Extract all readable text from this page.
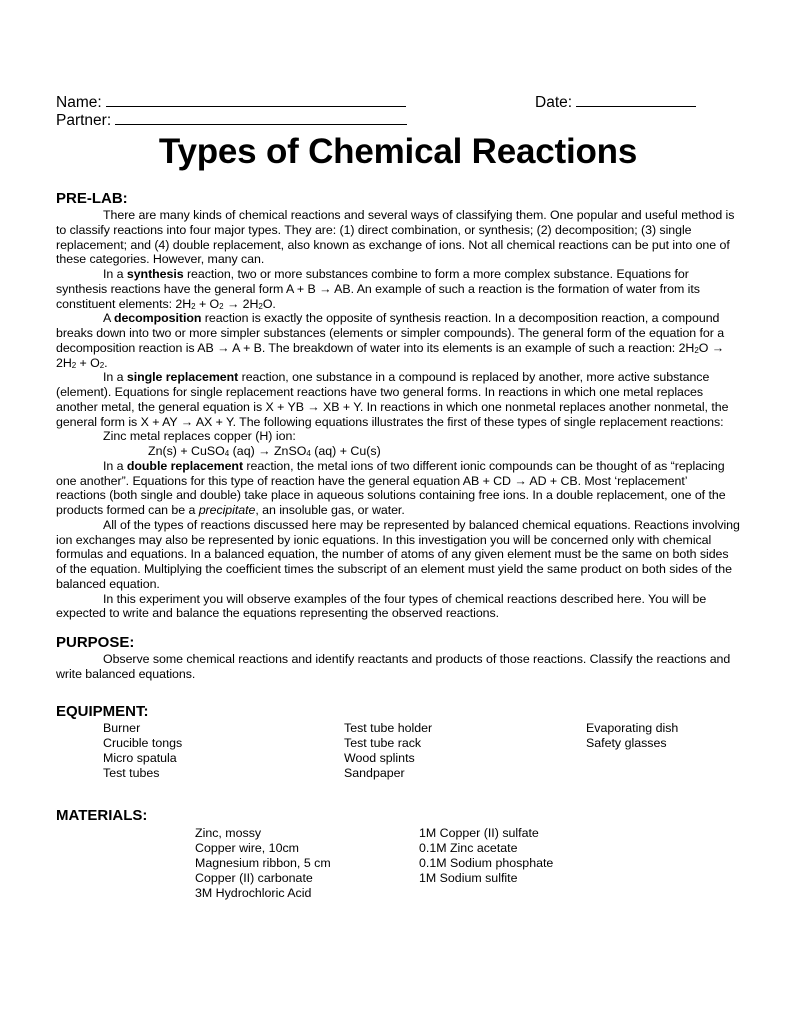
Name:	Date:
Partner:
Types of Chemical Reactions
PRE-LAB:

There are many kinds of chemical reactions and several ways of classifying them. One popular and useful method is to classify reactions into four major types. They are: (1) direct combination, or synthesis; (2) decomposition; (3) single replacement; and (4) double replacement, also known as exchange of ions. Not all chemical reactions can be put into one of these categories. However, many can.

In a synthesis reaction, two or more substances combine to form a more complex substance. Equations for synthesis reactions have the general form A + B → AB. An example of such a reaction is the formation of water from its constituent elements: $2H_2 + O_2 \to 2H_2O$.

A decomposition reaction is exactly the opposite of synthesis reaction. In a decomposition reaction, a compound breaks down into two or more simpler substances (elements or simpler compounds). The general form of the equation for a decomposition reaction is AB → A + B. The breakdown of water into its elements is an example of such a reaction: $2H_2O \to 2H_2 + O_2$.

In a single replacement reaction, one substance in a compound is replaced by another, more active substance (element). Equations for single replacement reactions have two general forms. In reactions in which one metal replaces another metal, the general equation is X + YB → XB + Y. In reactions in which one nonmetal replaces another nonmetal, the general form is X + AY → AX + Y. The following equations illustrates the first of these types of single replacement reactions:

Zinc metal replaces copper (H) ion:

Zn(s) + CuSO$_4$ (aq) → ZnSO$_4$ (aq) + Cu(s)

In a double replacement reaction, the metal ions of two different ionic compounds can be thought of as “replacing one another”. Equations for this type of reaction have the general equation AB + CD → AD + CB. Most ‘replacement’ reactions (both single and double) take place in aqueous solutions containing free ions. In a double replacement, one of the products formed can be a precipitate, an insoluble gas, or water.

All of the types of reactions discussed here may be represented by balanced chemical equations. Reactions involving ion exchanges may also be represented by ionic equations. In this investigation you will be concerned only with chemical formulas and equations. In a balanced equation, the number of atoms of any given element must be the same on both sides of the equation. Multiplying the coefficient times the subscript of an element must yield the same product on both sides of the balanced equation.

In this experiment you will observe examples of the four types of chemical reactions described here. You will be expected to write and balance the equations representing the observed reactions.

PURPOSE:

Observe some chemical reactions and identify reactants and products of those reactions. Classify the reactions and write balanced equations.

EQUIPMENT:
Burner
Crucible tongs
Micro spatula
Test tubes
Test tube holder
Test tube rack
Wood splints
Sandpaper
Evaporating dish
Safety glasses
MATERIALS:
Zinc, mossy
Copper wire, 10cm
Magnesium ribbon, 5 cm
Copper (II) carbonate
3M Hydrochloric Acid
1M Copper (II) sulfate
0.1M Zinc acetate
0.1M Sodium phosphate
1M Sodium sulfite
